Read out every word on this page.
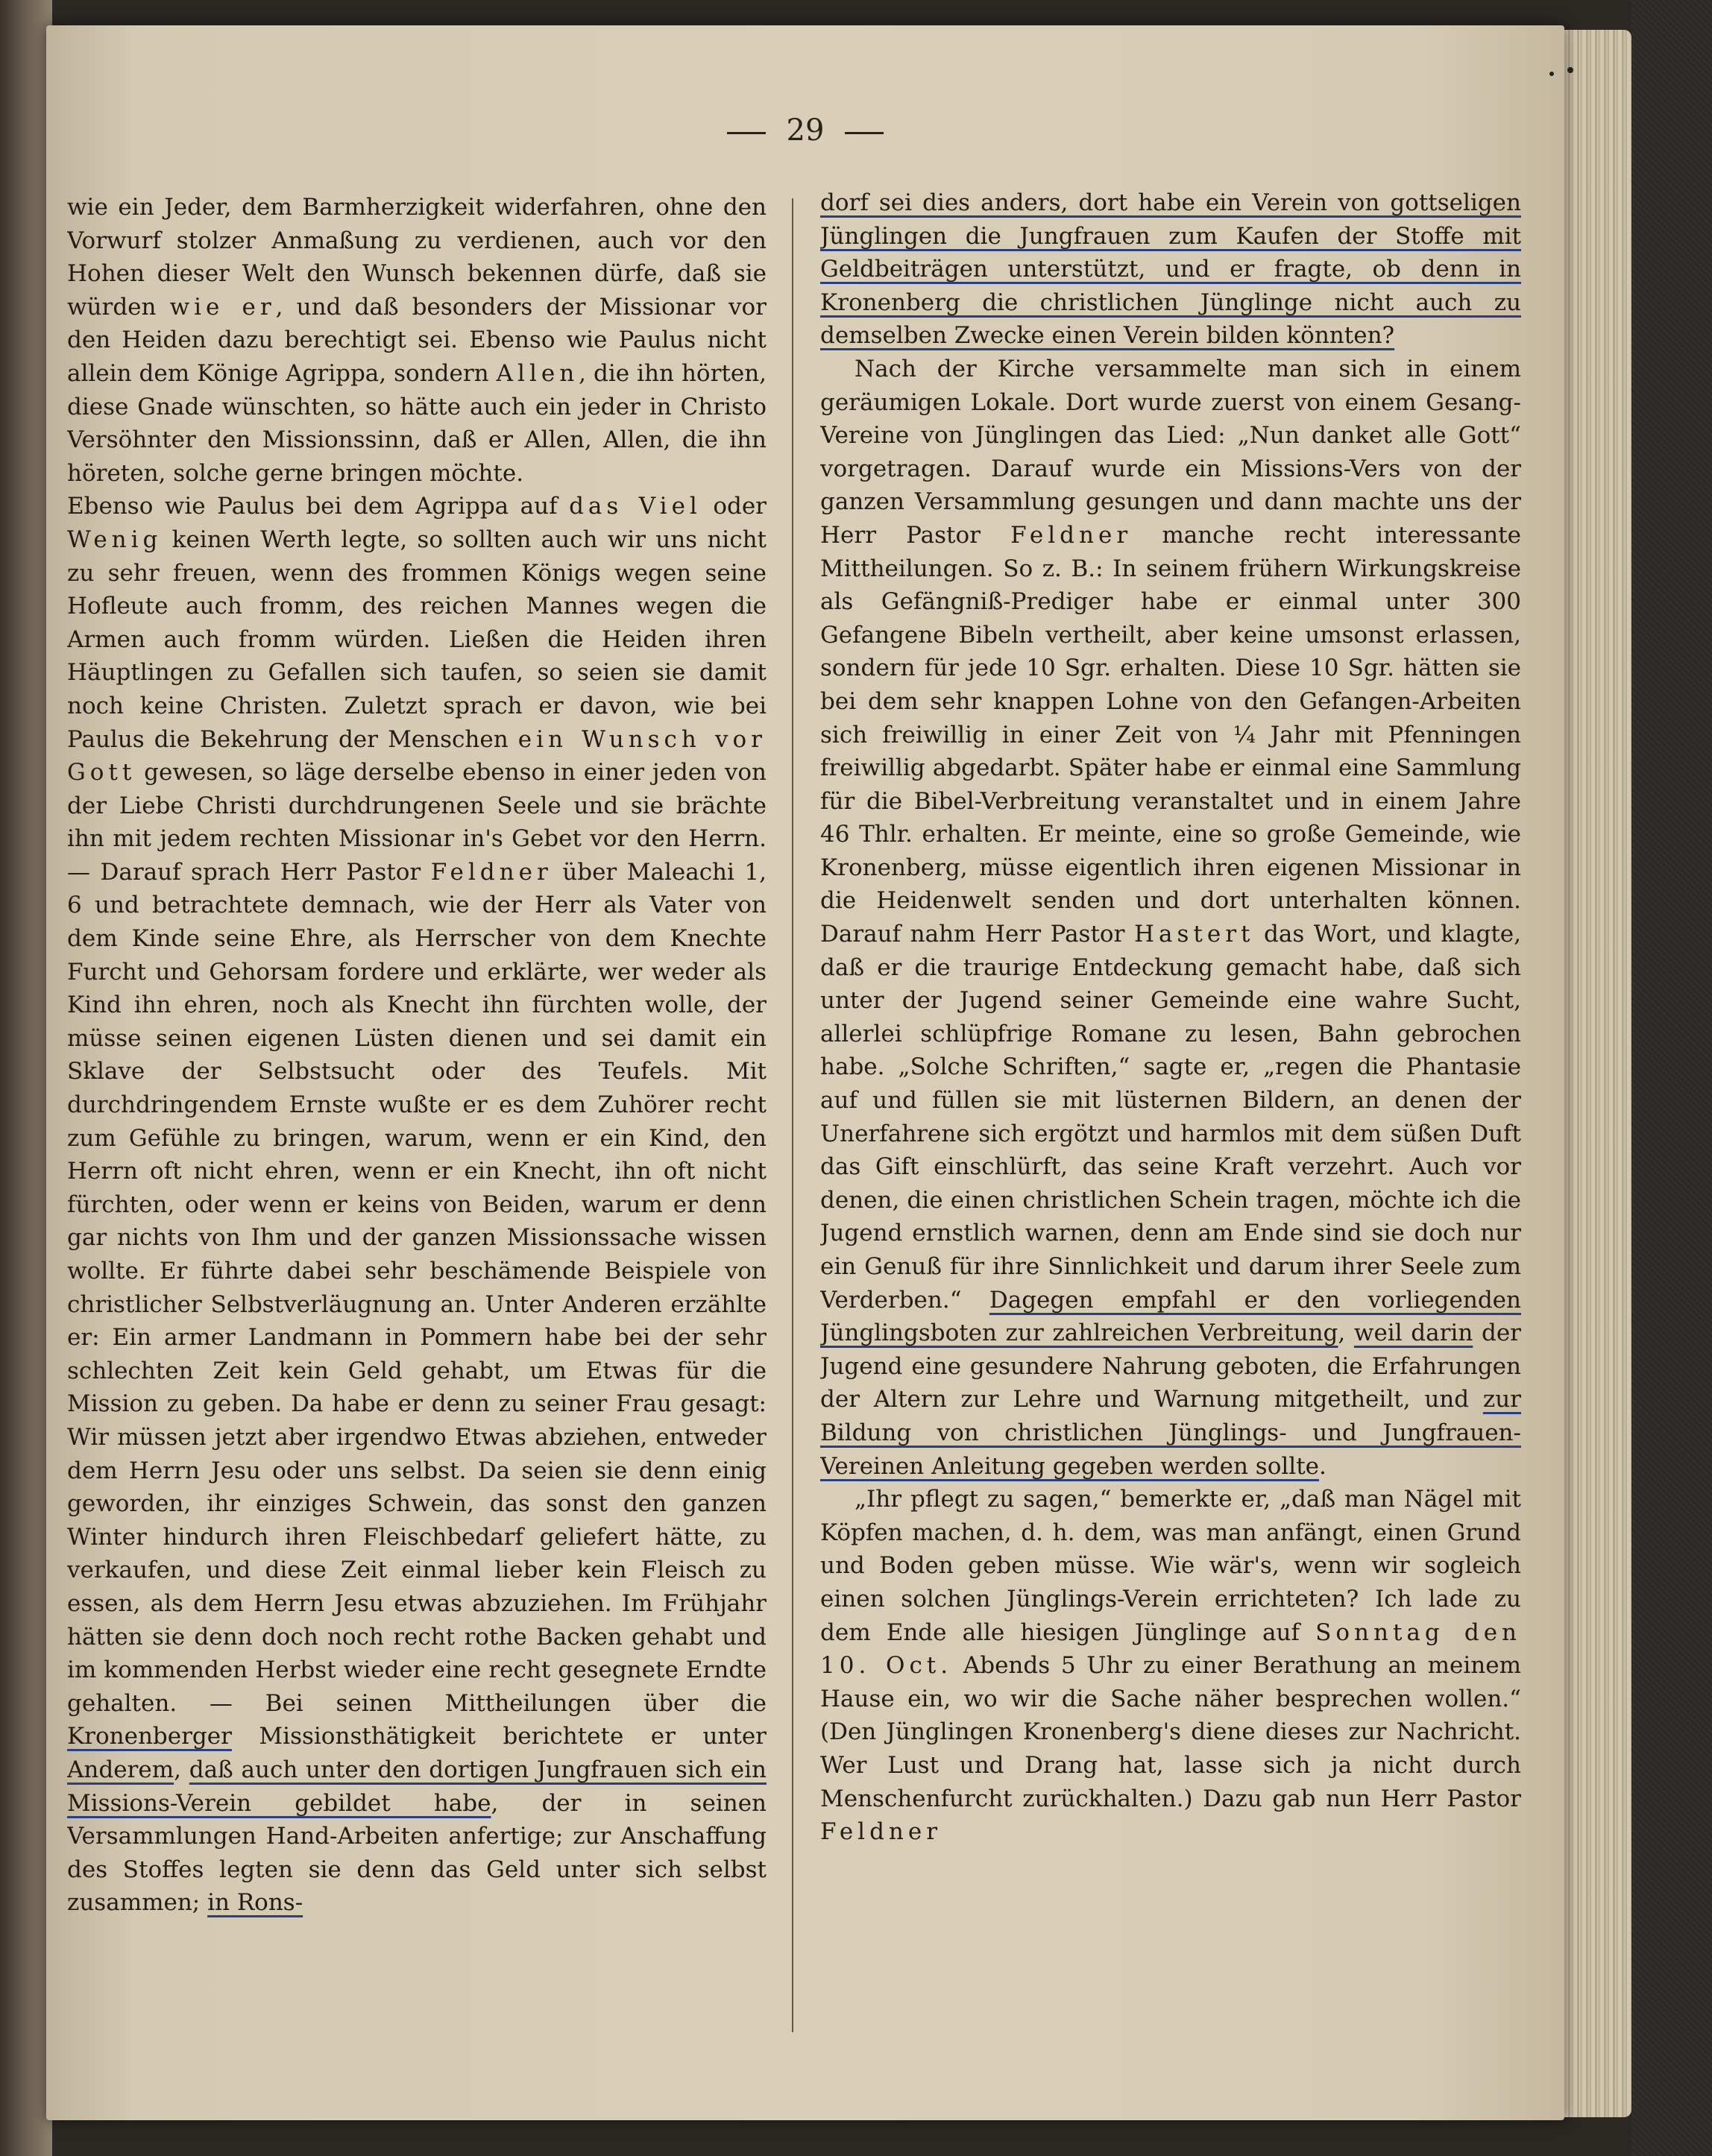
29

wie ein Jeder, dem Barmherzigkeit widerfahren, ohne den Vorwurf stolzer Anmaßung zu verdienen, auch vor den Hohen dieser Welt den Wunsch bekennen dürfe, daß sie würden wie er, und daß besonders der Missionar vor den Heiden dazu berechtigt sei. Ebenso wie Paulus nicht allein dem Könige Agrippa, sondern Allen, die ihn hörten, diese Gnade wünschten, so hätte auch ein jeder in Christo Versöhnter den Missionssinn, daß er Allen, Allen, die ihn höreten, solche gerne bringen möchte.

Ebenso wie Paulus bei dem Agrippa auf das Viel oder Wenig keinen Werth legte, so sollten auch wir uns nicht zu sehr freuen, wenn des frommen Königs wegen seine Hofleute auch fromm, des reichen Mannes wegen die Armen auch fromm würden. Ließen die Heiden ihren Häuptlingen zu Gefallen sich taufen, so seien sie damit noch keine Christen. Zuletzt sprach er davon, wie bei Paulus die Bekehrung der Menschen ein Wunsch vor Gott gewesen, so läge derselbe ebenso in einer jeden von der Liebe Christi durchdrungenen Seele und sie brächte ihn mit jedem rechten Missionar in's Gebet vor den Herrn. — Darauf sprach Herr Pastor Feldner über Maleachi 1, 6 und betrachtete demnach, wie der Herr als Vater von dem Kinde seine Ehre, als Herrscher von dem Knechte Furcht und Gehorsam fordere und erklärte, wer weder als Kind ihn ehren, noch als Knecht ihn fürchten wolle, der müsse seinen eigenen Lüsten dienen und sei damit ein Sklave der Selbstsucht oder des Teufels. Mit durchdringendem Ernste wußte er es dem Zuhörer recht zum Gefühle zu bringen, warum, wenn er ein Kind, den Herrn oft nicht ehren, wenn er ein Knecht, ihn oft nicht fürchten, oder wenn er keins von Beiden, warum er denn gar nichts von Ihm und der ganzen Missionssache wissen wollte. Er führte dabei sehr beschämende Beispiele von christlicher Selbstverläugnung an. Unter Anderen erzählte er: Ein armer Landmann in Pommern habe bei der sehr schlechten Zeit kein Geld gehabt, um Etwas für die Mission zu geben. Da habe er denn zu seiner Frau gesagt: Wir müssen jetzt aber irgendwo Etwas abziehen, entweder dem Herrn Jesu oder uns selbst. Da seien sie denn einig geworden, ihr einziges Schwein, das sonst den ganzen Winter hindurch ihren Fleischbedarf geliefert hätte, zu verkaufen, und diese Zeit einmal lieber kein Fleisch zu essen, als dem Herrn Jesu etwas abzuziehen. Im Frühjahr hätten sie denn doch noch recht rothe Backen gehabt und im kommenden Herbst wieder eine recht gesegnete Erndte gehalten. — Bei seinen Mittheilungen über die Kronenberger Missionsthätigkeit berichtete er unter Anderem, daß auch unter den dortigen Jungfrauen sich ein Missions-Verein gebildet habe, der in seinen Versammlungen Hand-Arbeiten anfertige; zur Anschaffung des Stoffes legten sie denn das Geld unter sich selbst zusammen; in Rons-

dorf sei dies anders, dort habe ein Verein von gottseligen Jünglingen die Jungfrauen zum Kaufen der Stoffe mit Geldbeiträgen unterstützt, und er fragte, ob denn in Kronenberg die christlichen Jünglinge nicht auch zu demselben Zwecke einen Verein bilden könnten?

Nach der Kirche versammelte man sich in einem geräumigen Lokale. Dort wurde zuerst von einem Gesang-Vereine von Jünglingen das Lied: „Nun danket alle Gott“ vorgetragen. Darauf wurde ein Missions-Vers von der ganzen Versammlung gesungen und dann machte uns der Herr Pastor Feldner manche recht interessante Mittheilungen. So z. B.: In seinem frühern Wirkungskreise als Gefängniß-Prediger habe er einmal unter 300 Gefangene Bibeln vertheilt, aber keine umsonst erlassen, sondern für jede 10 Sgr. erhalten. Diese 10 Sgr. hätten sie bei dem sehr knappen Lohne von den Gefangen-Arbeiten sich freiwillig in einer Zeit von ¼ Jahr mit Pfenningen freiwillig abgedarbt. Später habe er einmal eine Sammlung für die Bibel-Verbreitung veranstaltet und in einem Jahre 46 Thlr. erhalten. Er meinte, eine so große Gemeinde, wie Kronenberg, müsse eigentlich ihren eigenen Missionar in die Heidenwelt senden und dort unterhalten können. Darauf nahm Herr Pastor Hastert das Wort, und klagte, daß er die traurige Entdeckung gemacht habe, daß sich unter der Jugend seiner Gemeinde eine wahre Sucht, allerlei schlüpfrige Romane zu lesen, Bahn gebrochen habe. „Solche Schriften,“ sagte er, „regen die Phantasie auf und füllen sie mit lüsternen Bildern, an denen der Unerfahrene sich ergötzt und harmlos mit dem süßen Duft das Gift einschlürft, das seine Kraft verzehrt. Auch vor denen, die einen christlichen Schein tragen, möchte ich die Jugend ernstlich warnen, denn am Ende sind sie doch nur ein Genuß für ihre Sinnlichkeit und darum ihrer Seele zum Verderben.“ Dagegen empfahl er den vorliegenden Jünglingsboten zur zahlreichen Verbreitung, weil darin der Jugend eine gesundere Nahrung geboten, die Erfahrungen der Altern zur Lehre und Warnung mitgetheilt, und zur Bildung von christlichen Jünglings- und Jungfrauen-Vereinen Anleitung gegeben werden sollte.

„Ihr pflegt zu sagen,“ bemerkte er, „daß man Nägel mit Köpfen machen, d. h. dem, was man anfängt, einen Grund und Boden geben müsse. Wie wär's, wenn wir sogleich einen solchen Jünglings-Verein errichteten? Ich lade zu dem Ende alle hiesigen Jünglinge auf Sonntag den 10. Oct. Abends 5 Uhr zu einer Berathung an meinem Hause ein, wo wir die Sache näher besprechen wollen.“ (Den Jünglingen Kronenberg's diene dieses zur Nachricht. Wer Lust und Drang hat, lasse sich ja nicht durch Menschenfurcht zurückhalten.) Dazu gab nun Herr Pastor Feldner
